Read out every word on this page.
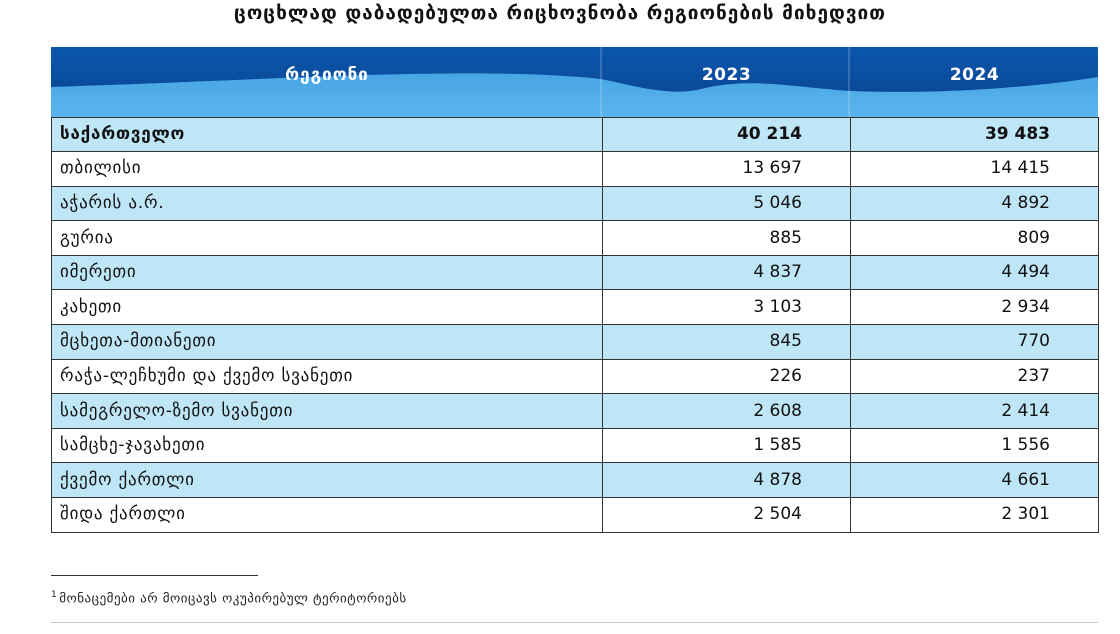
ცოცხლად დაბადებულთა რიცხოვნობა რეგიონების მიხედვით
რეგიონი	2023	2024

საქართველო	40 214	39 483
თბილისი	13 697	14 415
აჭარის ა.რ.	5 046	4 892
გურია	885	809
იმერეთი	4 837	4 494
კახეთი	3 103	2 934
მცხეთა-მთიანეთი	845	770
რაჭა-ლეჩხუმი და ქვემო სვანეთი	226	237
სამეგრელო-ზემო სვანეთი	2 608	2 414
სამცხე-ჯავახეთი	1 585	1 556
ქვემო ქართლი	4 878	4 661
შიდა ქართლი	2 504	2 301
$^1$ მონაცემები არ მოიცავს ოკუპირებულ ტერიტორიებს
